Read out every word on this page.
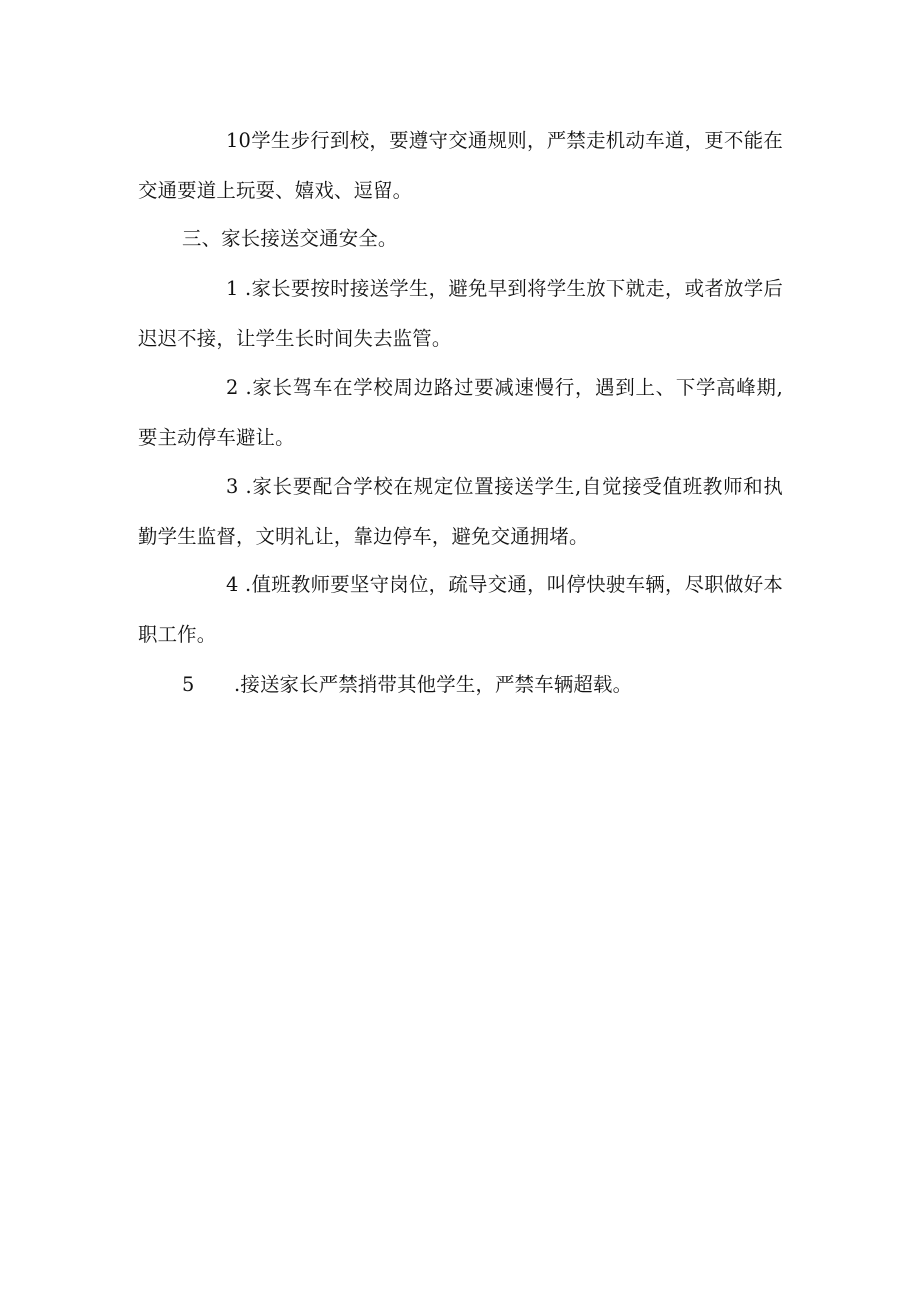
10学生步行到校，要遵守交通规则，严禁走机动车道，更不能在交通要道上玩耍、嬉戏、逗留。

三、家长接送交通安全。

1 .家长要按时接送学生，避免早到将学生放下就走，或者放学后迟迟不接，让学生长时间失去监管。

2 .家长驾车在学校周边路过要减速慢行，遇到上、下学高峰期,要主动停车避让。

3 .家长要配合学校在规定位置接送学生,自觉接受值班教师和执勤学生监督，文明礼让，靠边停车，避免交通拥堵。

4 .值班教师要坚守岗位，疏导交通，叫停快驶车辆，尽职做好本职工作。

5 .接送家长严禁捎带其他学生，严禁车辆超载。
